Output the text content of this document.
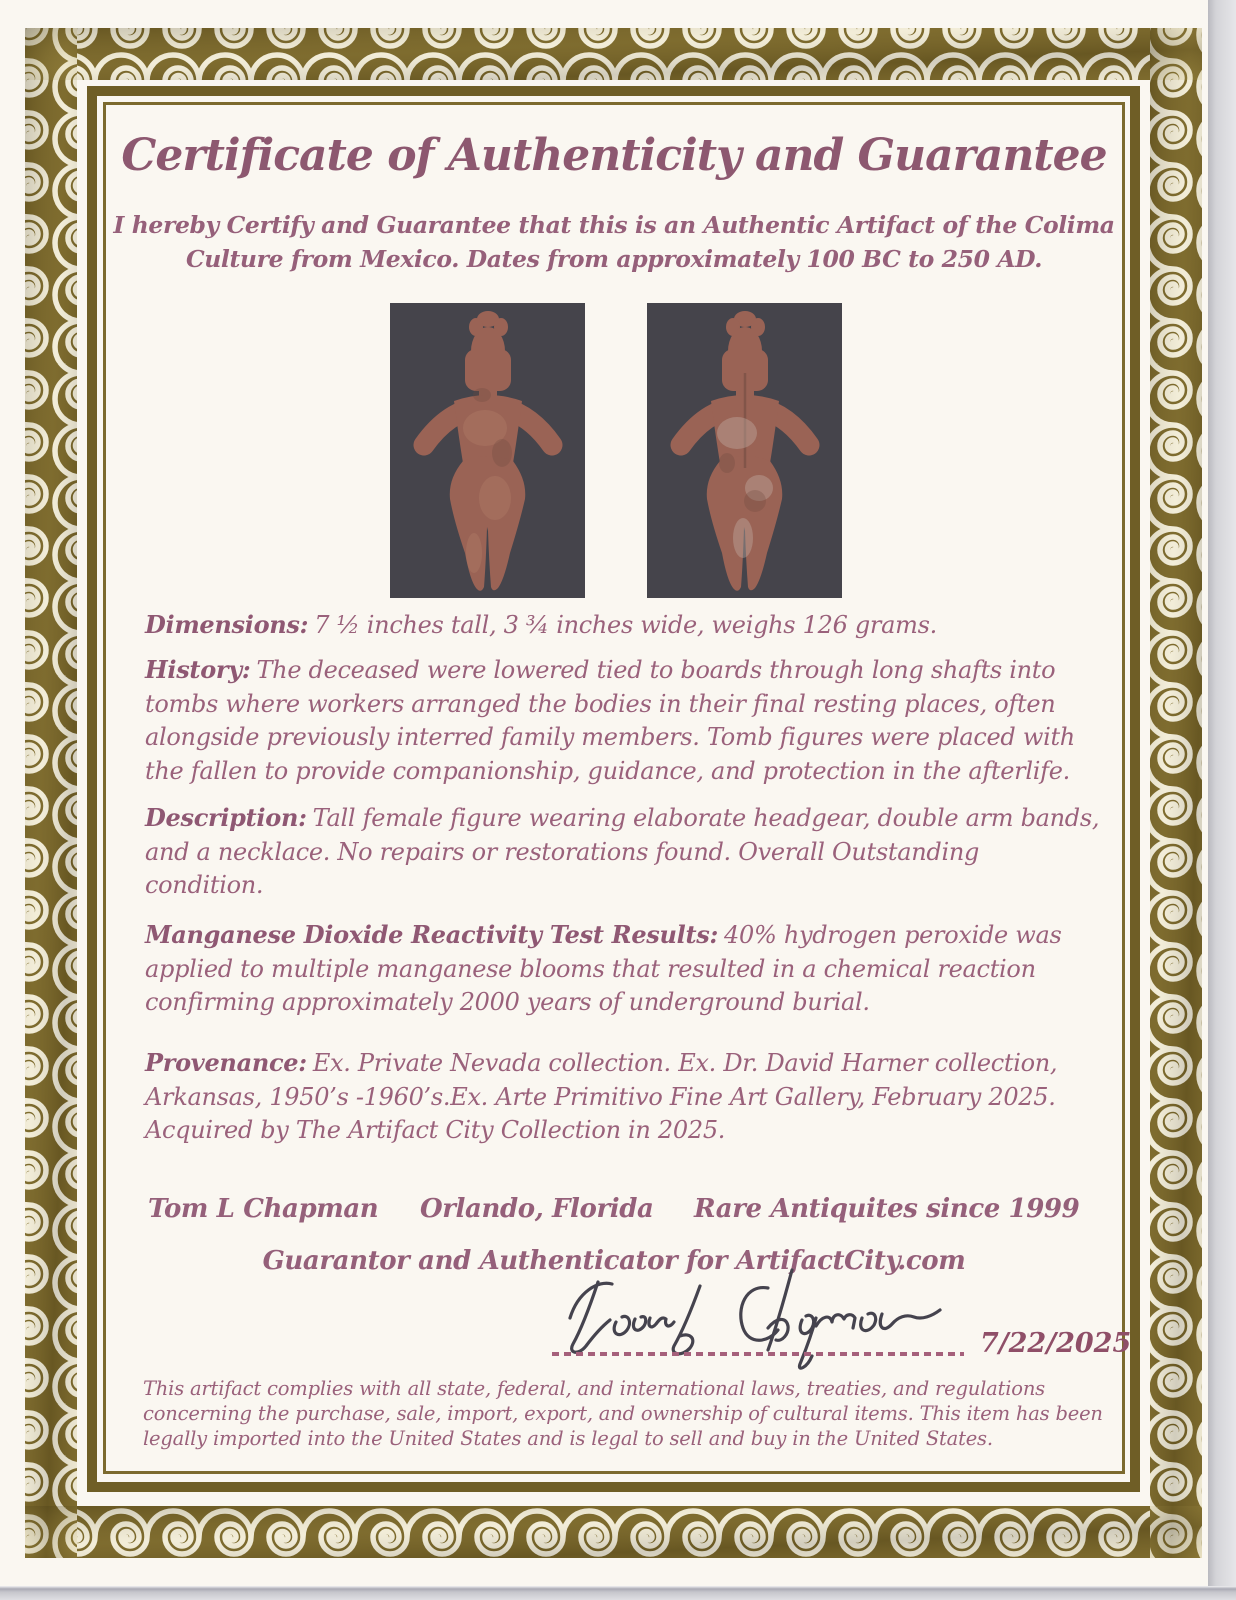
Certificate of Authenticity and Guarantee
I hereby Certify and Guarantee that this is an Authentic Artifact of the Colima
Culture from Mexico. Dates from approximately 100 BC to 250 AD.

Dimensions: 7 ½ inches tall, 3 ¾ inches wide, weighs 126 grams.

History: The deceased were lowered tied to boards through long shafts into tombs where workers arranged the bodies in their final resting places, often alongside previously interred family members. Tomb figures were placed with the fallen to provide companionship, guidance, and protection in the afterlife.

Description: Tall female figure wearing elaborate headgear, double arm bands, and a necklace. No repairs or restorations found. Overall Outstanding condition.

Manganese Dioxide Reactivity Test Results: 40% hydrogen peroxide was applied to multiple manganese blooms that resulted in a chemical reaction confirming approximately 2000 years of underground burial.

Provenance: Ex. Private Nevada collection. Ex. Dr. David Harner collection, Arkansas, 1950’s -1960’s.Ex. Arte Primitivo Fine Art Gallery, February 2025. Acquired by The Artifact City Collection in 2025.

Tom L Chapman Orlando, Florida Rare Antiquites since 1999
Guarantor and Authenticator for ArtifactCity.com
7/22/2025

This artifact complies with all state, federal, and international laws, treaties, and regulations concerning the purchase, sale, import, export, and ownership of cultural items. This item has been legally imported into the United States and is legal to sell and buy in the United States.
